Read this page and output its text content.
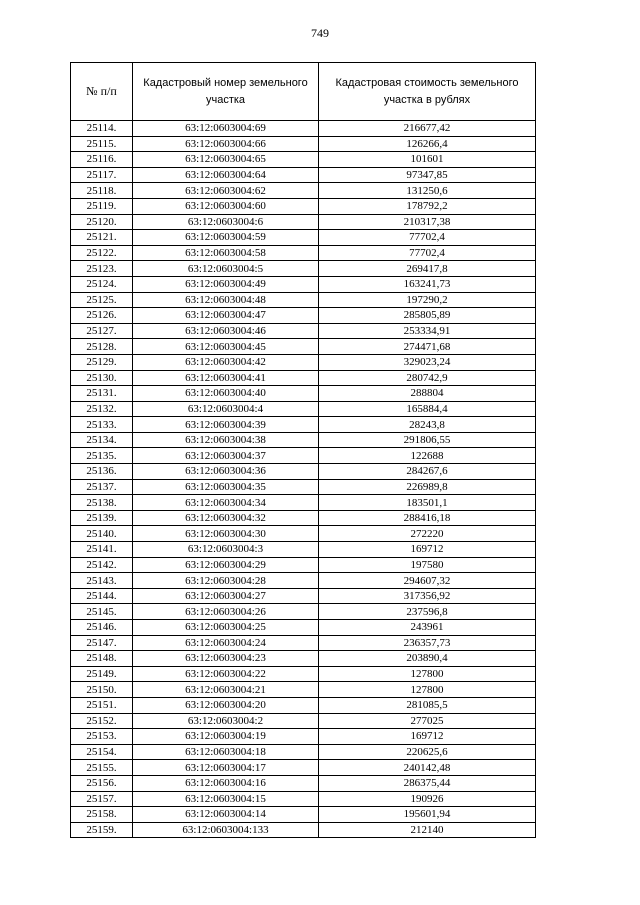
749
№ п/п	Кадастровый номер земельного участка	Кадастровая стоимость земельного участка в рублях
25114.	63:12:0603004:69	216677,42
25115.	63:12:0603004:66	126266,4
25116.	63:12:0603004:65	101601
25117.	63:12:0603004:64	97347,85
25118.	63:12:0603004:62	131250,6
25119.	63:12:0603004:60	178792,2
25120.	63:12:0603004:6	210317,38
25121.	63:12:0603004:59	77702,4
25122.	63:12:0603004:58	77702,4
25123.	63:12:0603004:5	269417,8
25124.	63:12:0603004:49	163241,73
25125.	63:12:0603004:48	197290,2
25126.	63:12:0603004:47	285805,89
25127.	63:12:0603004:46	253334,91
25128.	63:12:0603004:45	274471,68
25129.	63:12:0603004:42	329023,24
25130.	63:12:0603004:41	280742,9
25131.	63:12:0603004:40	288804
25132.	63:12:0603004:4	165884,4
25133.	63:12:0603004:39	28243,8
25134.	63:12:0603004:38	291806,55
25135.	63:12:0603004:37	122688
25136.	63:12:0603004:36	284267,6
25137.	63:12:0603004:35	226989,8
25138.	63:12:0603004:34	183501,1
25139.	63:12:0603004:32	288416,18
25140.	63:12:0603004:30	272220
25141.	63:12:0603004:3	169712
25142.	63:12:0603004:29	197580
25143.	63:12:0603004:28	294607,32
25144.	63:12:0603004:27	317356,92
25145.	63:12:0603004:26	237596,8
25146.	63:12:0603004:25	243961
25147.	63:12:0603004:24	236357,73
25148.	63:12:0603004:23	203890,4
25149.	63:12:0603004:22	127800
25150.	63:12:0603004:21	127800
25151.	63:12:0603004:20	281085,5
25152.	63:12:0603004:2	277025
25153.	63:12:0603004:19	169712
25154.	63:12:0603004:18	220625,6
25155.	63:12:0603004:17	240142,48
25156.	63:12:0603004:16	286375,44
25157.	63:12:0603004:15	190926
25158.	63:12:0603004:14	195601,94
25159.	63:12:0603004:133	212140
